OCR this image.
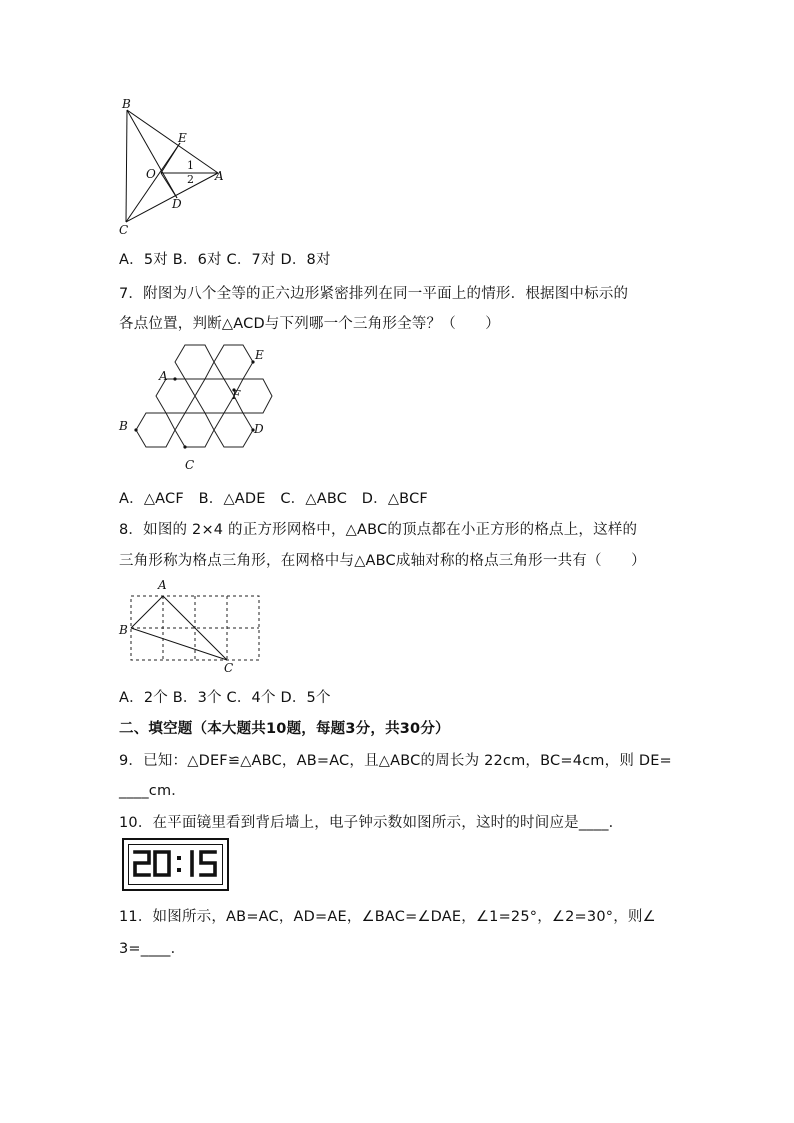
B
E
O	A
D
C
1
2
A．5对 B．6对 C．7对 D．8对
7．附图为八个全等的正六边形紧密排列在同一平面上的情形．根据图中标示的
各点位置，判断△ACD与下列哪一个三角形全等？（　　）
A
E
F
B	D
C
A．△ACF　B．△ADE　C．△ABC　D．△BCF
8．如图的 2×4 的正方形网格中，△ABC的顶点都在小正方形的格点上，这样的
三角形称为格点三角形，在网格中与△ABC成轴对称的格点三角形一共有（　　）
A
B
C
A．2个 B．3个 C．4个 D．5个
二、填空题（本大题共10题，每题3分，共30分）
9．已知：△DEF≌△ABC，AB=AC，且△ABC的周长为 22cm，BC=4cm，则 DE=
____cm．
10．在平面镜里看到背后墙上，电子钟示数如图所示，这时的时间应是____．
11．如图所示，AB=AC，AD=AE，∠BAC=∠DAE，∠1=25°，∠2=30°，则∠
3=____．
